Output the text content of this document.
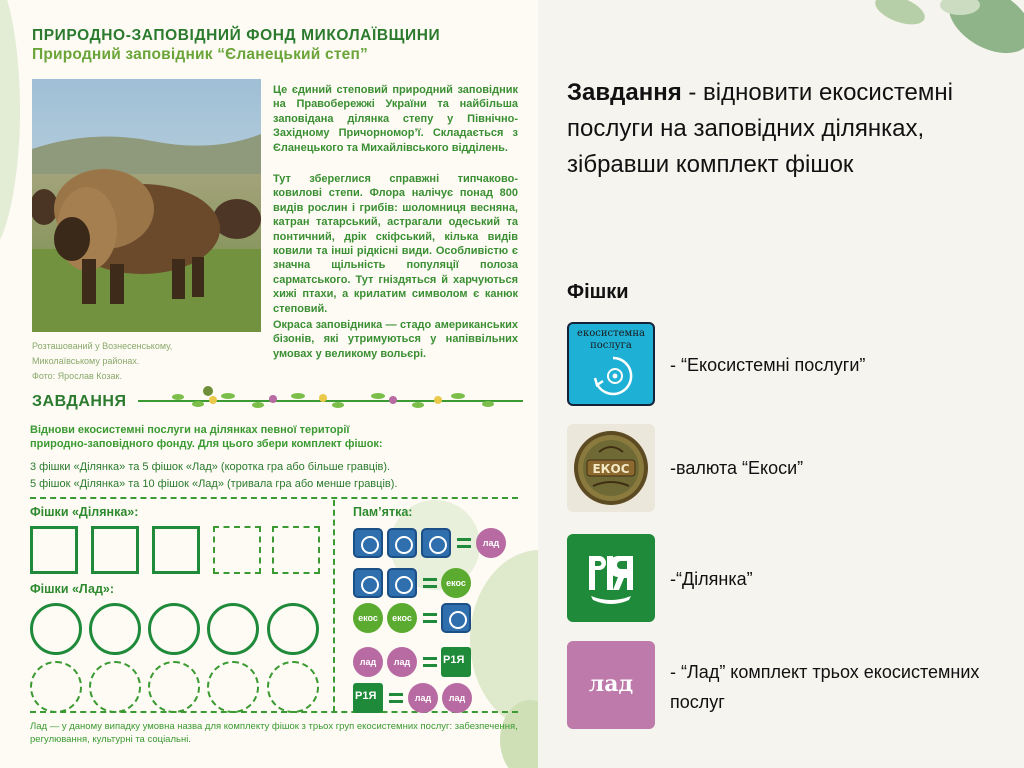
ПРИРОДНО-ЗАПОВІДНИЙ ФОНД МИКОЛАЇВЩИНИ
Природний заповідник “Єланецький степ”
Розташований у Вознесенському,
Миколаївському районах.
Фото: Ярослав Козак.
Це єдиний степовий природний заповідник на Правобережжі України та найбільша заповідана ділянка степу у Північно-Західному Причорномор’ї. Складається з Єланецького та Михайлівського відділень.
Тут збереглися справжні типчаково-ковилові степи. Флора налічує понад 800 видів рослин і грибів: шоломниця весняна, катран татарський, астрагали одеський та понтичний, дрік скіфський, кілька видів ковили та інші рідкісні види. Особливістю є значна щільність популяції полоза сарматського. Тут гніздяться й харчуються хижі птахи, а крилатим символом є канюк степовий.
Окраса заповідника — стадо американських бізонів, які утримуються у напіввільних умовах у великому вольєрі.
ЗАВДАННЯ
Віднови екосистемні послуги на ділянках певної території
природно-заповідного фонду. Для цього збери комплект фішок:
3 фішки «Ділянка» та 5 фішок «Лад» (коротка гра або більше гравців).
5 фішок «Ділянка» та 10 фішок «Лад» (тривала гра або менше гравців).
Фішки «Ділянка»:
Фішки «Лад»:
Пам’ятка:
лад
екос
екос	екос
лад	лад
Р1Я
Р1Я
лад	лад
Лад — у даному випадку умовна назва для комплекту фішок з трьох груп екосистемних послуг: забезпечення, регулювання, культурні та соціальні.
Завдання - відновити екосистемні послуги на заповідних ділянках, зібравши комплект фішок
Фішки
екосистемна послуга
- “Екосистемні послуги”
ЕКОС -валюта “Екоси”
-“Ділянка”
лад	- “Лад” комплект трьох екосистемних послуг
